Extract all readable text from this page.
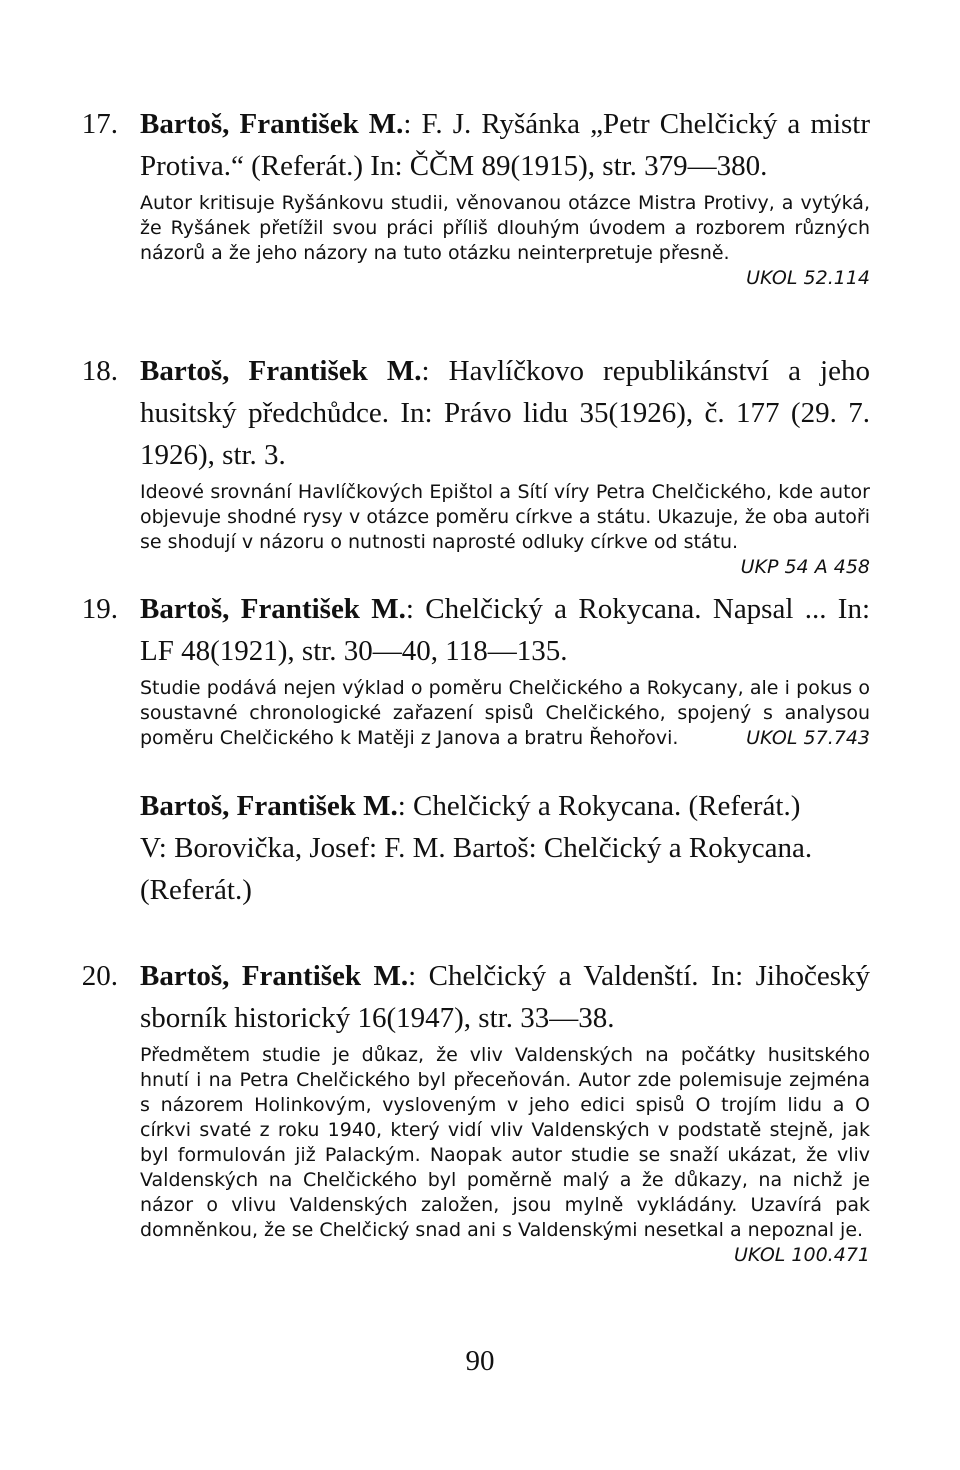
17. Bartoš, František M.: F. J. Ryšánka „Petr Chelčický a mistr Protiva.“ (Referát.) In: ČČM 89(1915), str. 379—380.
Autor kritisuje Ryšánkovu studii, věnovanou otázce Mistra Protivy, a vytýká, že Ryšánek přetížil svou práci příliš dlouhým úvodem a rozborem různých názorů a že jeho názory na tuto otázku neinterpretuje přesně.
UKOL 52.114
18. Bartoš, František M.: Havlíčkovo republikánství a jeho husitský předchůdce. In: Právo lidu 35(1926), č. 177 (29. 7. 1926), str. 3.
Ideové srovnání Havlíčkových Epištol a Sítí víry Petra Chelčického, kde autor objevuje shodné rysy v otázce poměru církve a státu. Ukazuje, že oba autoři se shodují v názoru o nutnosti naprosté odluky církve od státu.
UKP 54 A 458
19. Bartoš, František M.: Chelčický a Rokycana. Napsal ... In: LF 48(1921), str. 30—40, 118—135.
Studie podává nejen výklad o poměru Chelčického a Rokycany, ale i pokus o soustavné chronologické zařazení spisů Chelčického, spojený s analysou poměru Chelčického k Matěji z Janova a bratru Řehořovi.	UKOL 57.743
Bartoš, František M.: Chelčický a Rokycana. (Referát.)
V: Borovička, Josef: F. M. Bartoš: Chelčický a Rokycana. (Referát.)
20. Bartoš, František M.: Chelčický a Valdenští. In: Jihočeský sborník historický 16(1947), str. 33—38.
Předmětem studie je důkaz, že vliv Valdenských na počátky husitského hnutí i na Petra Chelčického byl přeceňován. Autor zde polemisuje zejména s názorem Holinkovým, vysloveným v jeho edici spisů O trojím lidu a O církvi svaté z roku 1940, který vidí vliv Valdenských v podstatě stejně, jak byl formulován již Palackým. Naopak autor studie se snaží ukázat, že vliv Valdenských na Chelčického byl poměrně malý a že důkazy, na nichž je názor o vlivu Valdenských založen, jsou mylně vykládány. Uzavírá pak domněnkou, že se Chelčický snad ani s Valdenskými nesetkal a nepoznal je.
UKOL 100.471
90
